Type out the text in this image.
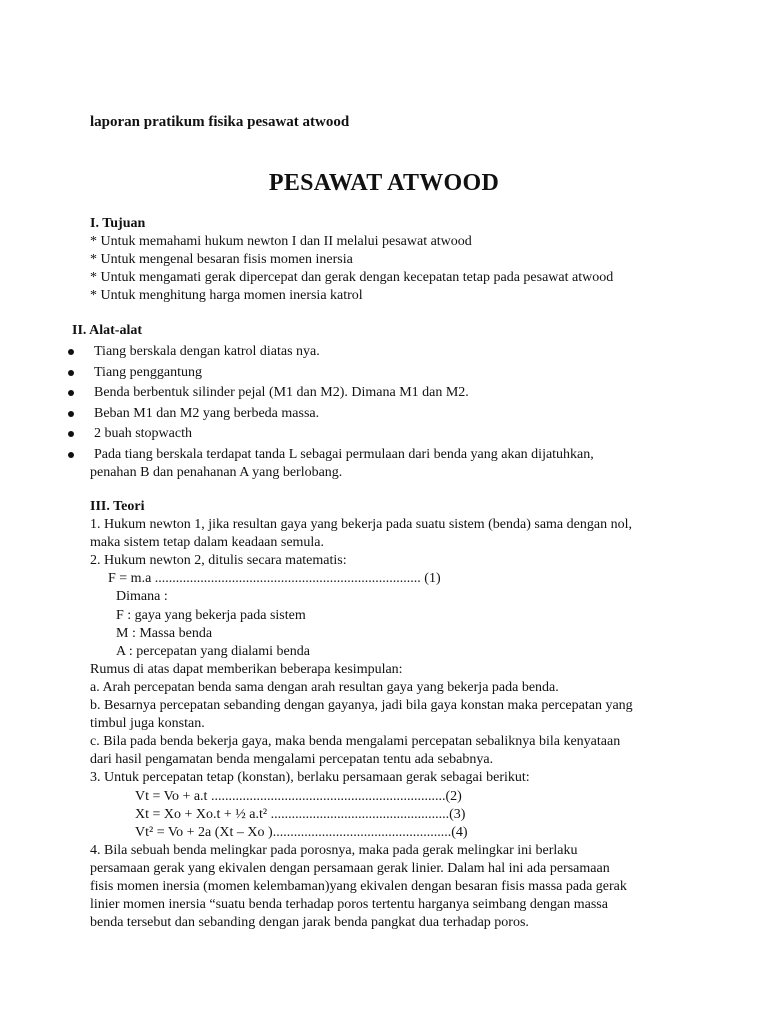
laporan pratikum fisika pesawat atwood
PESAWAT ATWOOD
I. Tujuan
* Untuk memahami hukum newton I dan II melalui pesawat atwood
* Untuk mengenal besaran fisis momen inersia
* Untuk mengamati gerak dipercepat dan gerak dengan kecepatan tetap pada pesawat atwood
* Untuk menghitung harga momen inersia katrol
II. Alat-alat
Tiang berskala dengan katrol diatas nya.
Tiang penggantung
Benda berbentuk silinder pejal (M1 dan M2). Dimana M1 dan M2.
Beban M1 dan M2 yang berbeda massa.
2 buah stopwacth
Pada tiang berskala terdapat tanda L sebagai permulaan dari benda yang akan dijatuhkan,
penahan B dan penahanan A yang berlobang.
III. Teori
1. Hukum newton 1, jika resultan gaya yang bekerja pada suatu sistem (benda) sama dengan nol,
maka sistem tetap dalam keadaan semula.
2. Hukum newton 2, ditulis secara matematis:
F = m.a ............................................................................ (1)
Dimana :
F : gaya yang bekerja pada sistem
M : Massa benda
A : percepatan yang dialami benda
Rumus di atas dapat memberikan beberapa kesimpulan:
a. Arah percepatan benda sama dengan arah resultan gaya yang bekerja pada benda.
b. Besarnya percepatan sebanding dengan gayanya, jadi bila gaya konstan maka percepatan yang
timbul juga konstan.
c. Bila pada benda bekerja gaya, maka benda mengalami percepatan sebaliknya bila kenyataan
dari hasil pengamatan benda mengalami percepatan tentu ada sebabnya.
3. Untuk percepatan tetap (konstan), berlaku persamaan gerak sebagai berikut:
Vt = Vo + a.t ...................................................................(2)
Xt = Xo + Xo.t + ½ a.t² ...................................................(3)
Vt² = Vo + 2a (Xt – Xo )...................................................(4)
4. Bila sebuah benda melingkar pada porosnya, maka pada gerak melingkar ini berlaku
persamaan gerak yang ekivalen dengan persamaan gerak linier. Dalam hal ini ada persamaan
fisis momen inersia (momen kelembaman)yang ekivalen dengan besaran fisis massa pada gerak
linier momen inersia “suatu benda terhadap poros tertentu harganya seimbang dengan massa
benda tersebut dan sebanding dengan jarak benda pangkat dua terhadap poros.
